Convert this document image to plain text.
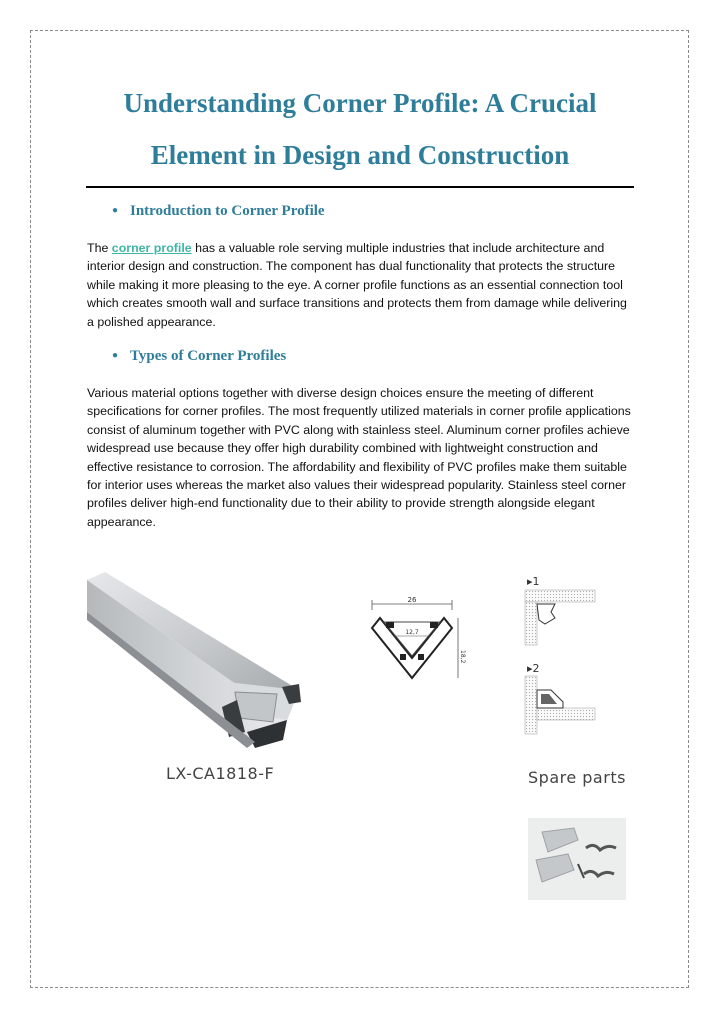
Understanding Corner Profile: A Crucial
Element in Design and Construction
● Introduction to Corner Profile

The corner profile has a valuable role serving multiple industries that include architecture and interior design and construction. The component has dual functionality that protects the structure while making it more pleasing to the eye. A corner profile functions as an essential connection tool which creates smooth wall and surface transitions and protects them from damage while delivering a polished appearance.

● Types of Corner Profiles

Various material options together with diverse design choices ensure the meeting of different specifications for corner profiles. The most frequently utilized materials in corner profile applications consist of aluminum together with PVC along with stainless steel. Aluminum corner profiles achieve widespread use because they offer high durability combined with lightweight construction and effective resistance to corrosion. The affordability and flexibility of PVC profiles make them suitable for interior uses whereas the market also values their widespread popularity. Stainless steel corner profiles deliver high-end functionality due to their ability to provide strength alongside elegant appearance.

LX-CA1818-F
26
12,7
18,2
▸1
▸2
Spare parts
